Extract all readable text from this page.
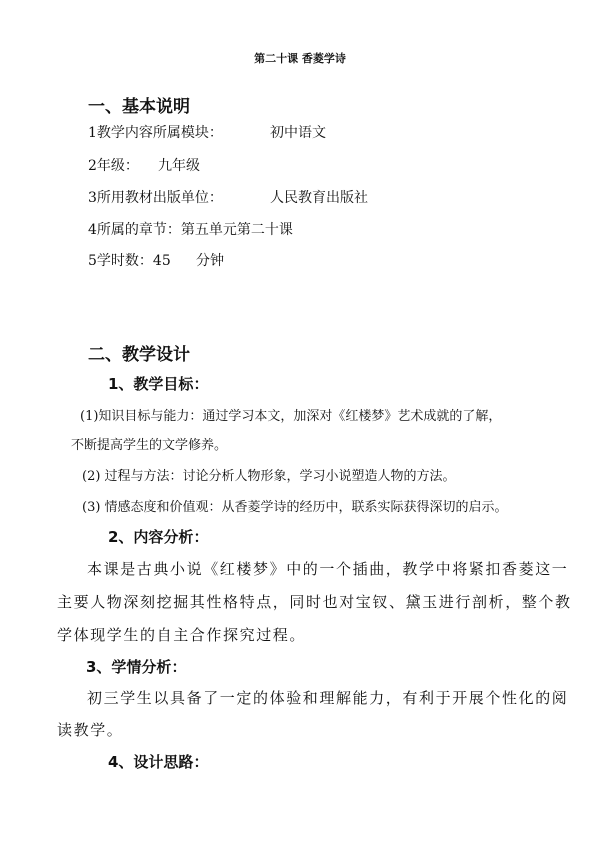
第二十课 香菱学诗
一、基本说明
1教学内容所属模块：	初中语文
2年级： 九年级
3所用教材出版单位：	人民教育出版社
4所属的章节：第五单元第二十课
5学时数：45 分钟
二、教学设计
1、教学目标：
(1)知识目标与能力：通过学习本文，加深对《红楼梦》艺术成就的了解，
不断提高学生的文学修养。
(2) 过程与方法：讨论分析人物形象，学习小说塑造人物的方法。
(3) 情感态度和价值观：从香菱学诗的经历中，联系实际获得深切的启示。
2、内容分析：
本课是古典小说《红楼梦》中的一个插曲，教学中将紧扣香菱这一
主要人物深刻挖掘其性格特点，同时也对宝钗、黛玉进行剖析，整个教
学体现学生的自主合作探究过程。
3、学情分析：
初三学生以具备了一定的体验和理解能力，有利于开展个性化的阅
读教学。
4、设计思路：
